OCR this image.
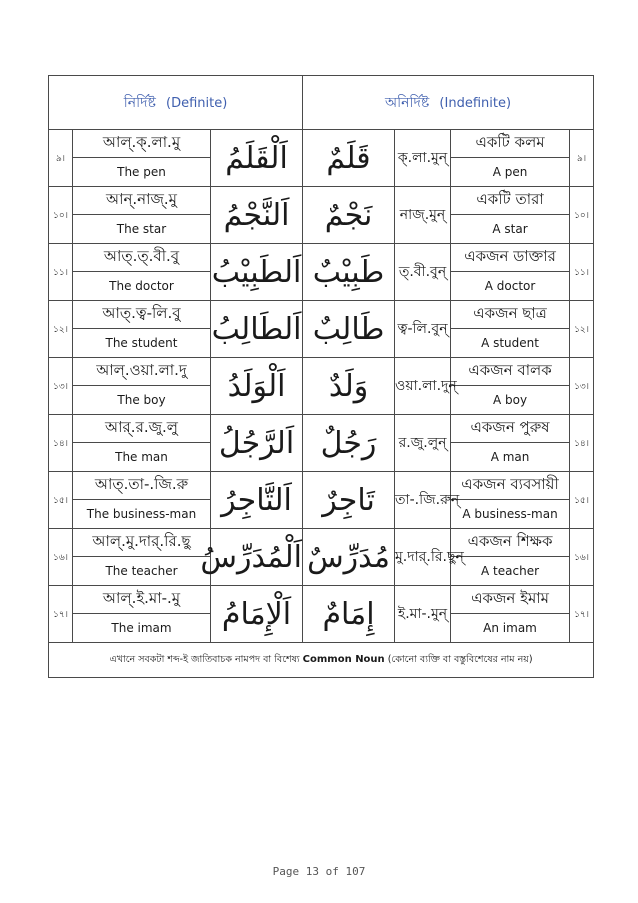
নির্দিষ্ট (Definite)			অনির্দিষ্ট (Indefinite)			
৯।	আল্.ক্.লা.মু	اَلْقَلَمُ	قَلَمٌ	ক্.লা.মুন্	একটি কলম	৯।
	The pen				A pen	
১০।	আন্.নাজ্.মু	اَلنَّجْمُ	نَجْمٌ	নাজ্.মুন্	একটি তারা	১০।
	The star				A star	
১১।	আত্.ত্.বী.বু	اَلطَبِيْبُ	طَبِيْبٌ	ত্.বী.বুন্	একজন ডাক্তার	১১।
	The doctor				A doctor	
১২।	আত্.ত্ব-লি.বু	اَلطَالِبُ	طَالِبٌ	ত্ব-লি.বুন্	একজন ছাত্র	১২।
	The student				A student	
১৩।	আল্.ওয়া.লা.দু	اَلْوَلَدُ	وَلَدٌ	ওয়া.লা.দুন্	একজন বালক	১৩।
	The boy				A boy	
১৪।	আর্.র.জু.লু	اَلرَّجُلُ	رَجُلٌ	র.জু.লুন্	একজন পুরুষ	১৪।
	The man				A man	
১৫।	আত্.তা-.জি.রু	اَلتَّاجِرُ	تَاجِرٌ	তা-.জি.রুন্	একজন ব্যবসায়ী	১৫।
	The business-man				A business-man	
১৬।	আল্.মু.দার্.রি.ছু	اَلْمُدَرِّسُ	مُدَرِّسٌ	মু.দার্.রি.ছুন্	একজন শিক্ষক	১৬।
	The teacher				A teacher	
১৭।	আল্.ই.মা-.মু	اَلْإِمَامُ	إِمَامٌ	ই.মা-.মুন্	একজন ইমাম	১৭।
	The imam				An imam	
এখানে সবকটা শব্দ-ই জাতিবাচক নামপদ বা বিশেষ্য Common Noun (কোনো ব্যক্তি বা বস্তুবিশেষের নাম নয়)						
Page 13 of 107
